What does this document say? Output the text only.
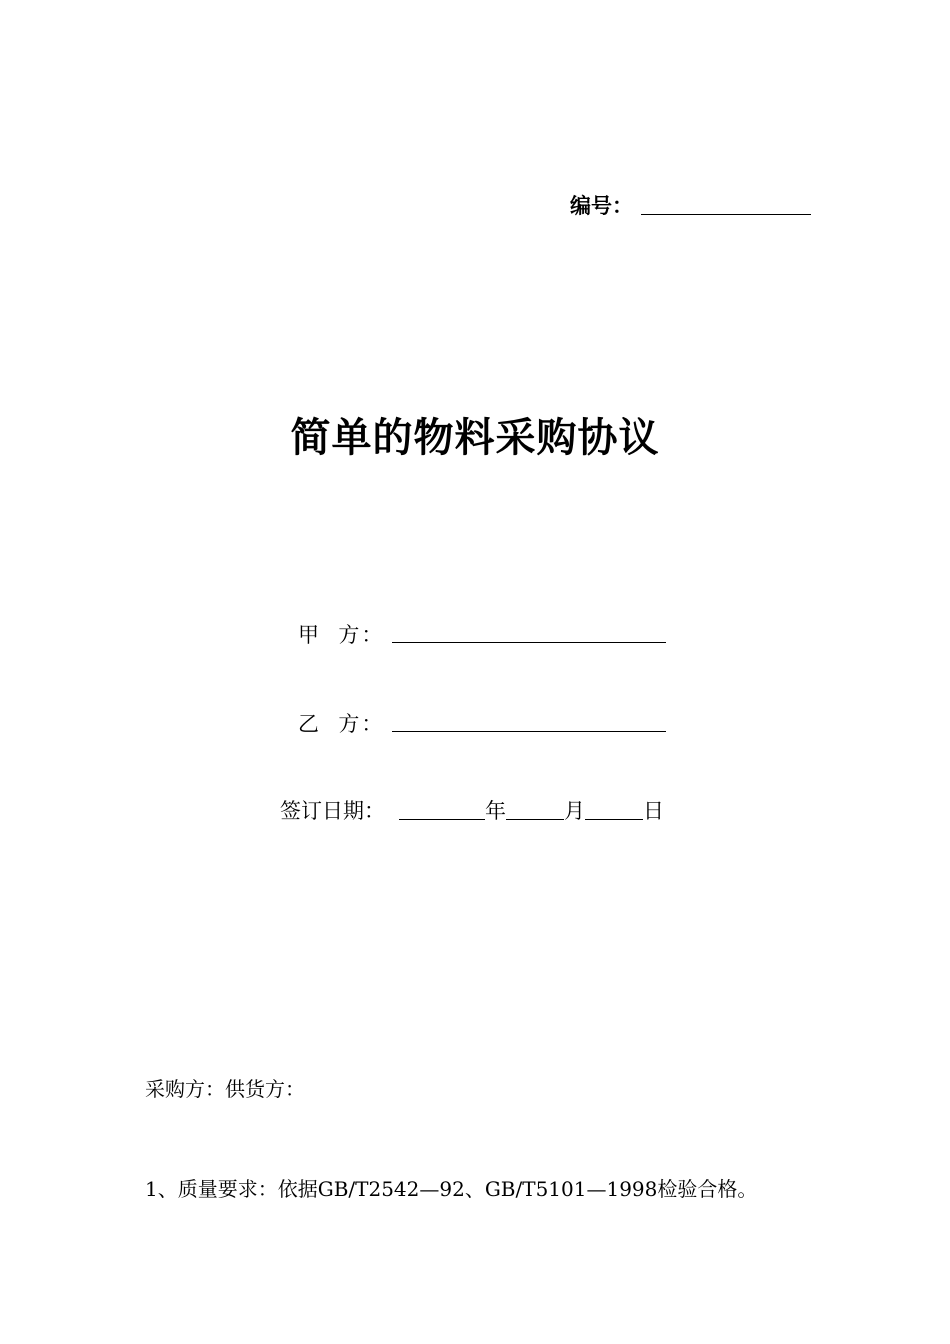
编号：
简单的物料采购协议
甲  方：
乙  方：
签订日期：	年	月	日
采购方：供货方：
1、质量要求：依据GB/T2542—92、GB/T5101—1998检验合格。
